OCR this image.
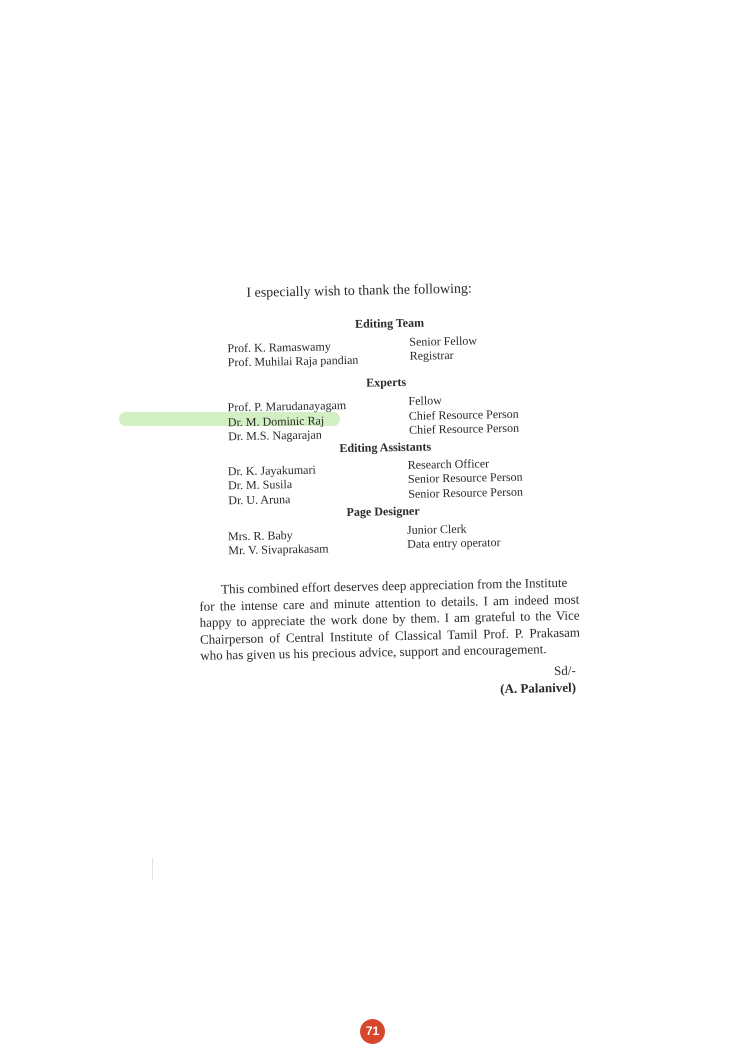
I especially wish to thank the following:
Editing Team
Prof. K. Ramaswamy	Senior Fellow
Prof. Muhilai Raja pandian	Registrar
Experts
Prof. P. Marudanayagam	Fellow
Dr. M. Dominic Raj	Chief Resource Person
Dr. M.S. Nagarajan	Chief Resource Person
Editing Assistants
Dr. K. Jayakumari	Research Officer
Dr. M. Susila	Senior Resource Person
Dr. U. Aruna	Senior Resource Person
Page Designer
Mrs. R. Baby	Junior Clerk
Mr. V. Sivaprakasam	Data entry operator
This combined effort deserves deep appreciation from the Institute
for the intense care and minute attention to details. I am indeed most
happy to appreciate the work done by them. I am grateful to the Vice
Chairperson of Central Institute of Classical Tamil Prof. P. Prakasam
who has given us his precious advice, support and encouragement.
Sd/-
(A. Palanivel)
71
